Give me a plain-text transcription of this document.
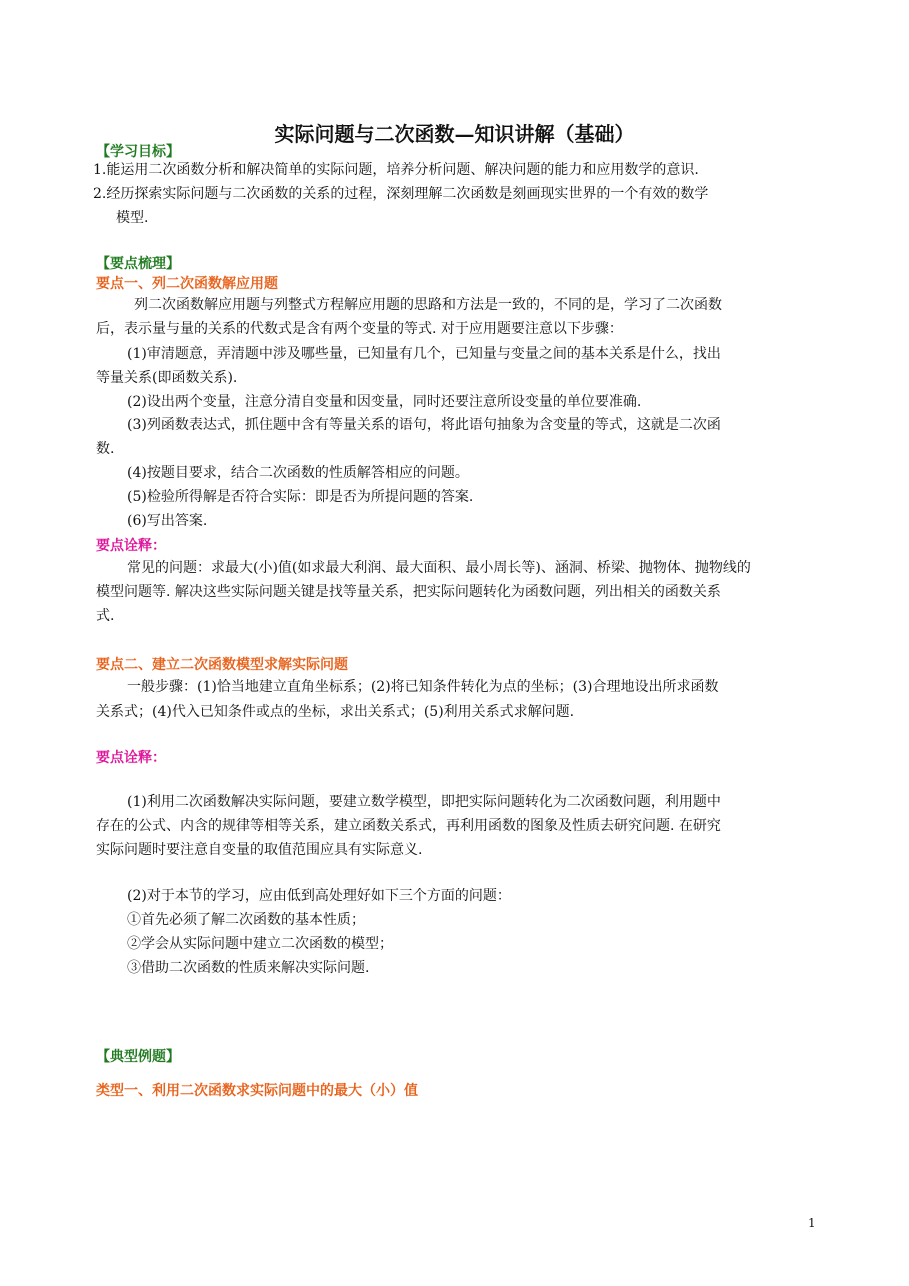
实际问题与二次函数—知识讲解（基础）
【学习目标】
1.能运用二次函数分析和解决简单的实际问题，培养分析问题、解决问题的能力和应用数学的意识.
2.经历探索实际问题与二次函数的关系的过程，深刻理解二次函数是刻画现实世界的一个有效的数学
模型.
【要点梳理】
要点一、列二次函数解应用题
列二次函数解应用题与列整式方程解应用题的思路和方法是一致的，不同的是，学习了二次函数
后，表示量与量的关系的代数式是含有两个变量的等式. 对于应用题要注意以下步骤：
(1)审清题意，弄清题中涉及哪些量，已知量有几个，已知量与变量之间的基本关系是什么，找出
等量关系(即函数关系).
(2)设出两个变量，注意分清自变量和因变量，同时还要注意所设变量的单位要准确.
(3)列函数表达式，抓住题中含有等量关系的语句，将此语句抽象为含变量的等式，这就是二次函
数.
(4)按题目要求，结合二次函数的性质解答相应的问题。
(5)检验所得解是否符合实际：即是否为所提问题的答案.
(6)写出答案.
要点诠释：
常见的问题：求最大(小)值(如求最大利润、最大面积、最小周长等)、涵洞、桥梁、抛物体、抛物线的
模型问题等. 解决这些实际问题关键是找等量关系，把实际问题转化为函数问题，列出相关的函数关系
式.
要点二、建立二次函数模型求解实际问题
一般步骤：(1)恰当地建立直角坐标系；(2)将已知条件转化为点的坐标；(3)合理地设出所求函数
关系式；(4)代入已知条件或点的坐标，求出关系式；(5)利用关系式求解问题.
要点诠释：
(1)利用二次函数解决实际问题，要建立数学模型，即把实际问题转化为二次函数问题，利用题中
存在的公式、内含的规律等相等关系，建立函数关系式，再利用函数的图象及性质去研究问题. 在研究
实际问题时要注意自变量的取值范围应具有实际意义.
(2)对于本节的学习，应由低到高处理好如下三个方面的问题：
①首先必须了解二次函数的基本性质；
②学会从实际问题中建立二次函数的模型；
③借助二次函数的性质来解决实际问题.
【典型例题】
类型一、利用二次函数求实际问题中的最大（小）值
1
